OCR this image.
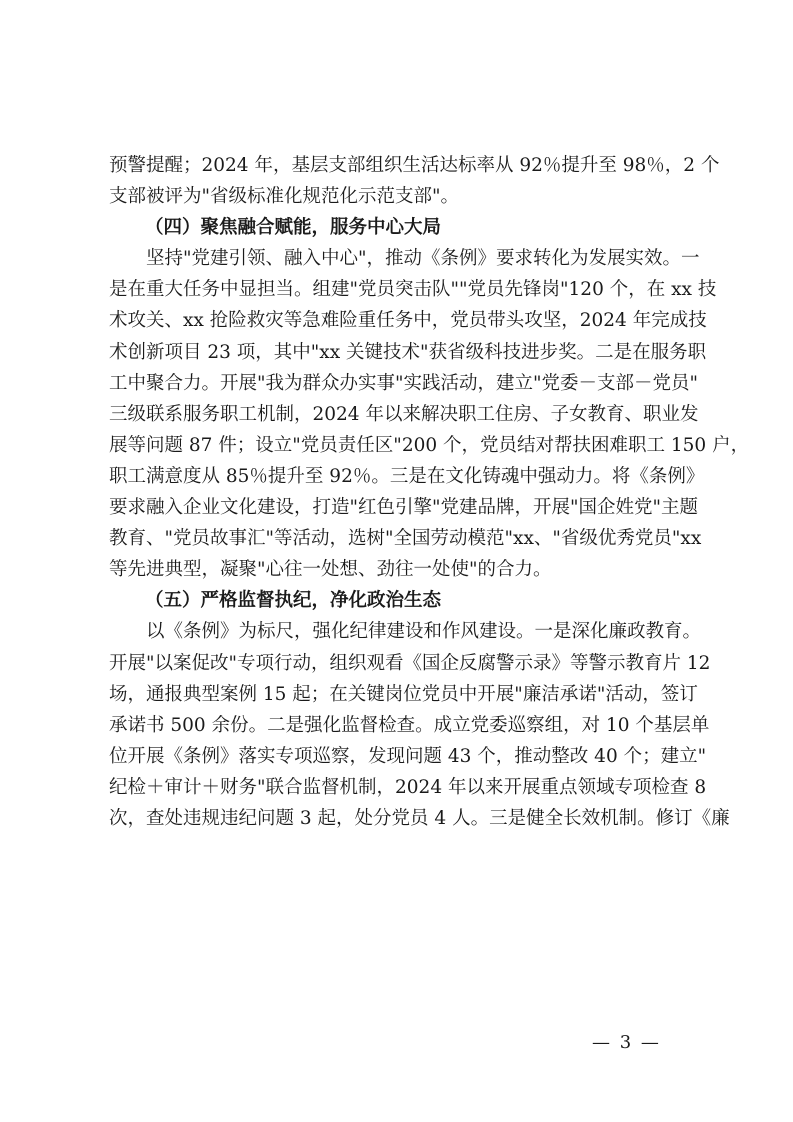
预警提醒；2024 年，基层支部组织生活达标率从 92％提升至 98％，2 个
支部被评为"省级标准化规范化示范支部"。
（四）聚焦融合赋能，服务中心大局
坚持"党建引领、融入中心"，推动《条例》要求转化为发展实效。一
是在重大任务中显担当。组建"党员突击队""党员先锋岗"120 个，在 xx 技
术攻关、xx 抢险救灾等急难险重任务中，党员带头攻坚，2024 年完成技
术创新项目 23 项，其中"xx 关键技术"获省级科技进步奖。二是在服务职
工中聚合力。开展"我为群众办实事"实践活动，建立"党委－支部－党员"
三级联系服务职工机制，2024 年以来解决职工住房、子女教育、职业发
展等问题 87 件；设立"党员责任区"200 个，党员结对帮扶困难职工 150 户，
职工满意度从 85％提升至 92％。三是在文化铸魂中强动力。将《条例》
要求融入企业文化建设，打造"红色引擎"党建品牌，开展"国企姓党"主题
教育、"党员故事汇"等活动，选树"全国劳动模范"xx、"省级优秀党员"xx
等先进典型，凝聚"心往一处想、劲往一处使"的合力。
（五）严格监督执纪，净化政治生态
以《条例》为标尺，强化纪律建设和作风建设。一是深化廉政教育。
开展"以案促改"专项行动，组织观看《国企反腐警示录》等警示教育片 12
场，通报典型案例 15 起；在关键岗位党员中开展"廉洁承诺"活动，签订
承诺书 500 余份。二是强化监督检查。成立党委巡察组，对 10 个基层单
位开展《条例》落实专项巡察，发现问题 43 个，推动整改 40 个；建立"
纪检＋审计＋财务"联合监督机制，2024 年以来开展重点领域专项检查 8
次，查处违规违纪问题 3 起，处分党员 4 人。三是健全长效机制。修订《廉
— 3 —
